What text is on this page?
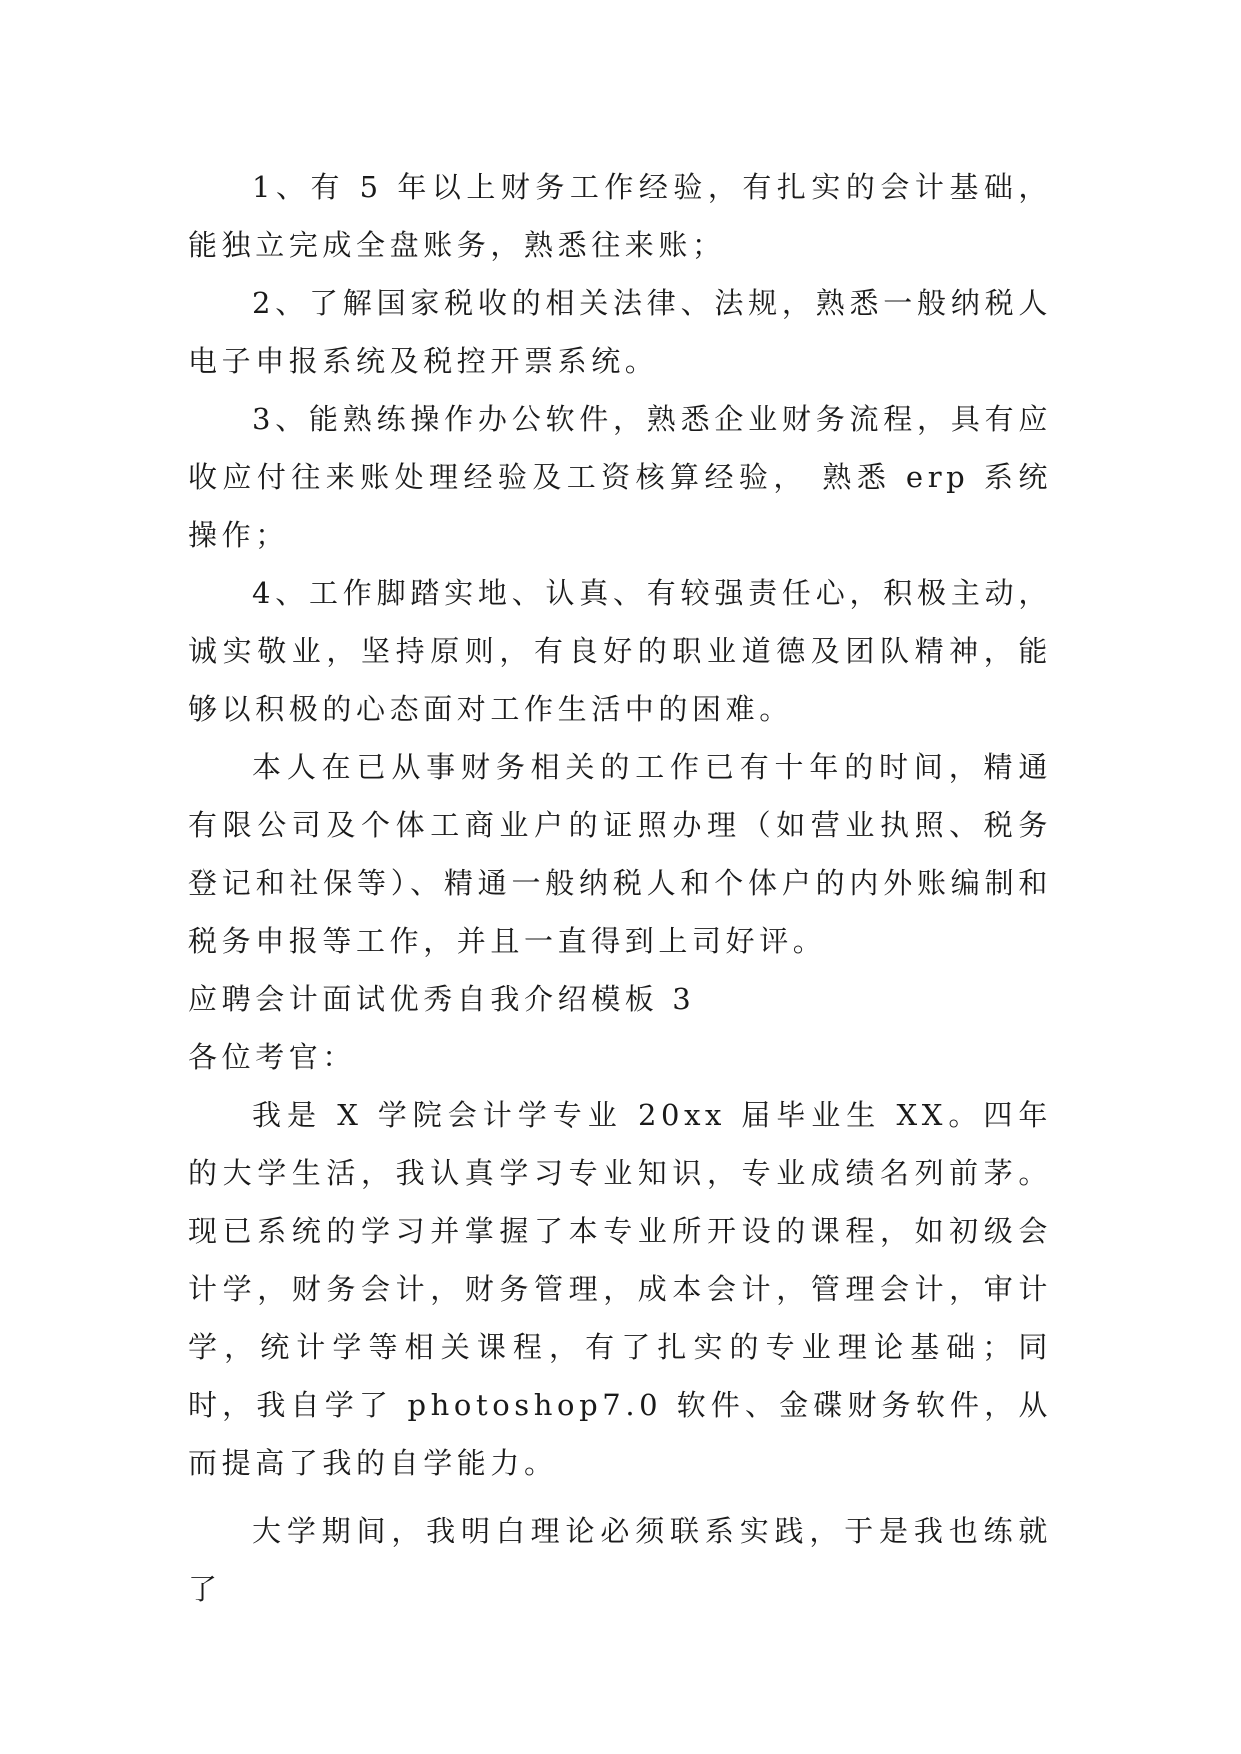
1、有 5 年以上财务工作经验，有扎实的会计基础，能独立完成全盘账务，熟悉往来账；

2、了解国家税收的相关法律、法规，熟悉一般纳税人电子申报系统及税控开票系统。

3、能熟练操作办公软件，熟悉企业财务流程，具有应收应付往来账处理经验及工资核算经验， 熟悉 erp 系统操作；

4、工作脚踏实地、认真、有较强责任心，积极主动，诚实敬业，坚持原则，有良好的职业道德及团队精神，能够以积极的心态面对工作生活中的困难。

本人在已从事财务相关的工作已有十年的时间，精通有限公司及个体工商业户的证照办理（如营业执照、税务登记和社保等）、精通一般纳税人和个体户的内外账编制和税务申报等工作，并且一直得到上司好评。

应聘会计面试优秀自我介绍模板 3

各位考官：

我是 X 学院会计学专业 20xx 届毕业生 XX。四年的大学生活，我认真学习专业知识，专业成绩名列前茅。现已系统的学习并掌握了本专业所开设的课程，如初级会计学，财务会计，财务管理，成本会计，管理会计，审计学，统计学等相关课程，有了扎实的专业理论基础；同时，我自学了 photoshop7.0 软件、金碟财务软件，从而提高了我的自学能力。

大学期间，我明白理论必须联系实践，于是我也练就了
